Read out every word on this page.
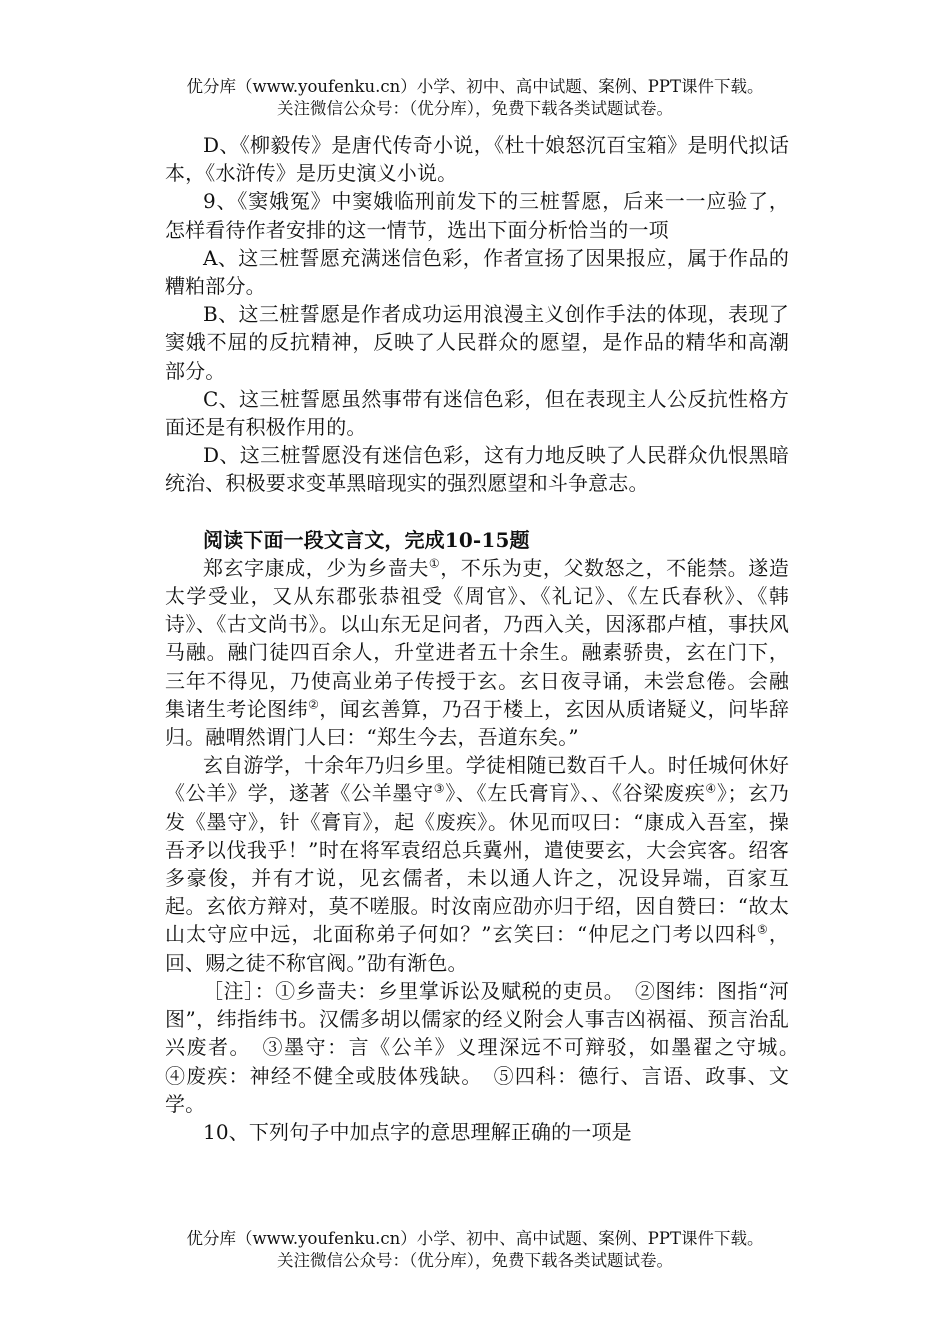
优分库（www.youfenku.cn）小学、初中、高中试题、案例、PPT课件下载。
关注微信公众号：（优分库），免费下载各类试题试卷。

D、《柳毅传》是唐代传奇小说，《杜十娘怒沉百宝箱》是明代拟话本，《水浒传》是历史演义小说。

9、《窦娥冤》中窦娥临刑前发下的三桩誓愿，后来一一应验了，怎样看待作者安排的这一情节，选出下面分析恰当的一项

A、这三桩誓愿充满迷信色彩，作者宣扬了因果报应，属于作品的糟粕部分。

B、这三桩誓愿是作者成功运用浪漫主义创作手法的体现，表现了窦娥不屈的反抗精神，反映了人民群众的愿望，是作品的精华和高潮部分。

C、这三桩誓愿虽然事带有迷信色彩，但在表现主人公反抗性格方面还是有积极作用的。

D、这三桩誓愿没有迷信色彩，这有力地反映了人民群众仇恨黑暗统治、积极要求变革黑暗现实的强烈愿望和斗争意志。

阅读下面一段文言文，完成10-15题

郑玄字康成，少为乡啬夫①，不乐为吏，父数怒之，不能禁。遂造太学受业，又从东郡张恭祖受《周官》、《礼记》、《左氏春秋》、《韩诗》、《古文尚书》。以山东无足问者，乃西入关，因涿郡卢植，事扶风马融。融门徒四百余人，升堂进者五十余生。融素骄贵，玄在门下，三年不得见，乃使高业弟子传授于玄。玄日夜寻诵，未尝怠倦。会融集诸生考论图纬②，闻玄善算，乃召于楼上，玄因从质诸疑义，问毕辞归。融喟然谓门人曰：“郑生今去，吾道东矣。”

玄自游学，十余年乃归乡里。学徒相随已数百千人。时任城何休好《公羊》学，遂著《公羊墨守③》、《左氏膏肓》、、《谷梁废疾④》；玄乃发《墨守》，针《膏肓》，起《废疾》。休见而叹曰：“康成入吾室，操吾矛以伐我乎！”时在将军袁绍总兵冀州，遣使要玄，大会宾客。绍客多豪俊，并有才说，见玄儒者，未以通人许之，况设异端，百家互起。玄依方辩对，莫不嗟服。时汝南应劭亦归于绍，因自赞曰：“故太山太守应中远，北面称弟子何如？”玄笑曰：“仲尼之门考以四科⑤，回、赐之徒不称官阀。”劭有渐色。

［注］：①乡啬夫：乡里掌诉讼及赋税的吏员。　②图纬：图指“河图”，纬指纬书。汉儒多胡以儒家的经义附会人事吉凶祸福、预言治乱兴废者。　③墨守：言《公羊》义理深远不可辩驳，如墨翟之守城。　④废疾：神经不健全或肢体残缺。　⑤四科：德行、言语、政事、文学。

10、下列句子中加点字的意思理解正确的一项是

优分库（www.youfenku.cn）小学、初中、高中试题、案例、PPT课件下载。
关注微信公众号：（优分库），免费下载各类试题试卷。
